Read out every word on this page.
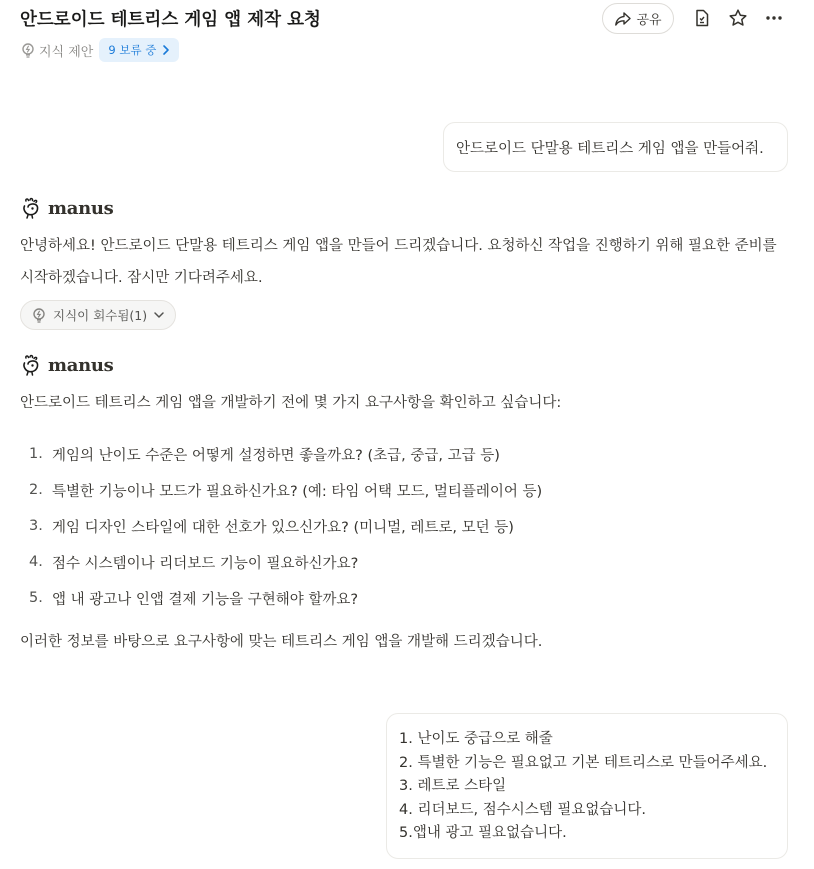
안드로이드 테트리스 게임 앱 제작 요청
지식 제안 9 보류 중
공유
안드로이드 단말용 테트리스 게임 앱을 만들어줘.
manus
안녕하세요! 안드로이드 단말용 테트리스 게임 앱을 만들어 드리겠습니다. 요청하신 작업을 진행하기 위해 필요한 준비를 시작하겠습니다. 잠시만 기다려주세요.
지식이 회수됨(1)
manus
안드로이드 테트리스 게임 앱을 개발하기 전에 몇 가지 요구사항을 확인하고 싶습니다:
1. 게임의 난이도 수준은 어떻게 설정하면 좋을까요? (초급, 중급, 고급 등)
2. 특별한 기능이나 모드가 필요하신가요? (예: 타임 어택 모드, 멀티플레이어 등)
3. 게임 디자인 스타일에 대한 선호가 있으신가요? (미니멀, 레트로, 모던 등)
4. 점수 시스템이나 리더보드 기능이 필요하신가요?
5. 앱 내 광고나 인앱 결제 기능을 구현해야 할까요?
이러한 정보를 바탕으로 요구사항에 맞는 테트리스 게임 앱을 개발해 드리겠습니다.
1. 난이도 중급으로 해줄
2. 특별한 기능은 필요없고 기본 테트리스로 만들어주세요.
3. 레트로 스타일
4. 리더보드, 점수시스템 필요없습니다.
5.앱내 광고 필요없습니다.
